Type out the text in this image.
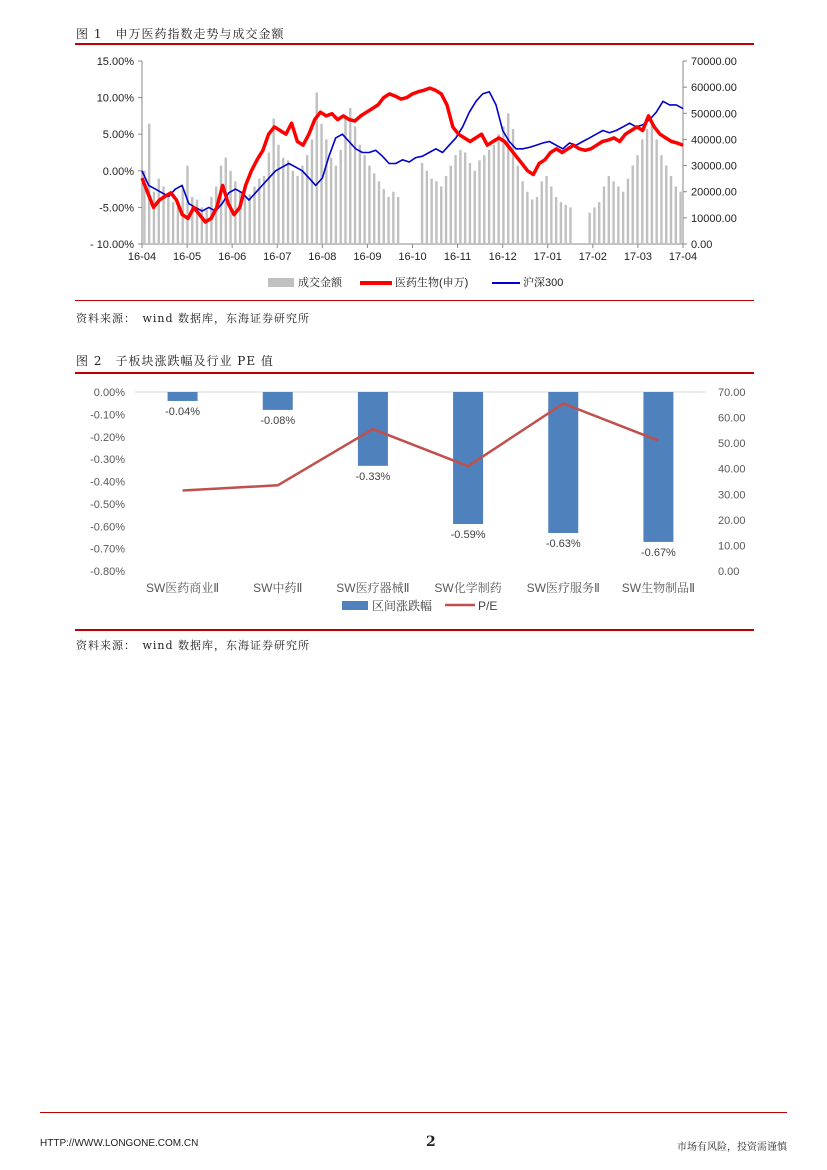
图 1　申万医药指数走势与成交金额
15.00%
10.00%
5.00%
0.00%
-5.00%
- 10.00%
70000.00
60000.00
50000.00
40000.00
30000.00
20000.00
10000.00
0.00
16-04 16-05 16-06 16-07 16-08 16-09 16-10 16-11 16-12 17-01 17-02 17-03 17-04
成交金额	医药生物(申万)	沪深300
资料来源：　wind 数据库，东海证券研究所
图 2　子板块涨跌幅及行业 PE 值
0.00%
-0.10%
-0.20%
-0.30%
-0.40%
-0.50%
-0.60%
-0.70%
-0.80%
70.00
60.00
50.00
40.00
30.00
20.00
10.00
0.00
-0.04%
SW医药商业Ⅱ
-0.08%
SW中药Ⅱ
-0.33%
SW医疗器械Ⅱ
-0.59%
SW化学制药
-0.63%
SW医疗服务Ⅱ
-0.67%
SW生物制品Ⅱ
区间涨跌幅	P/E
资料来源：　wind 数据库，东海证券研究所
HTTP://WWW.LONGONE.COM.CN	2	市场有风险，投资需谨慎
